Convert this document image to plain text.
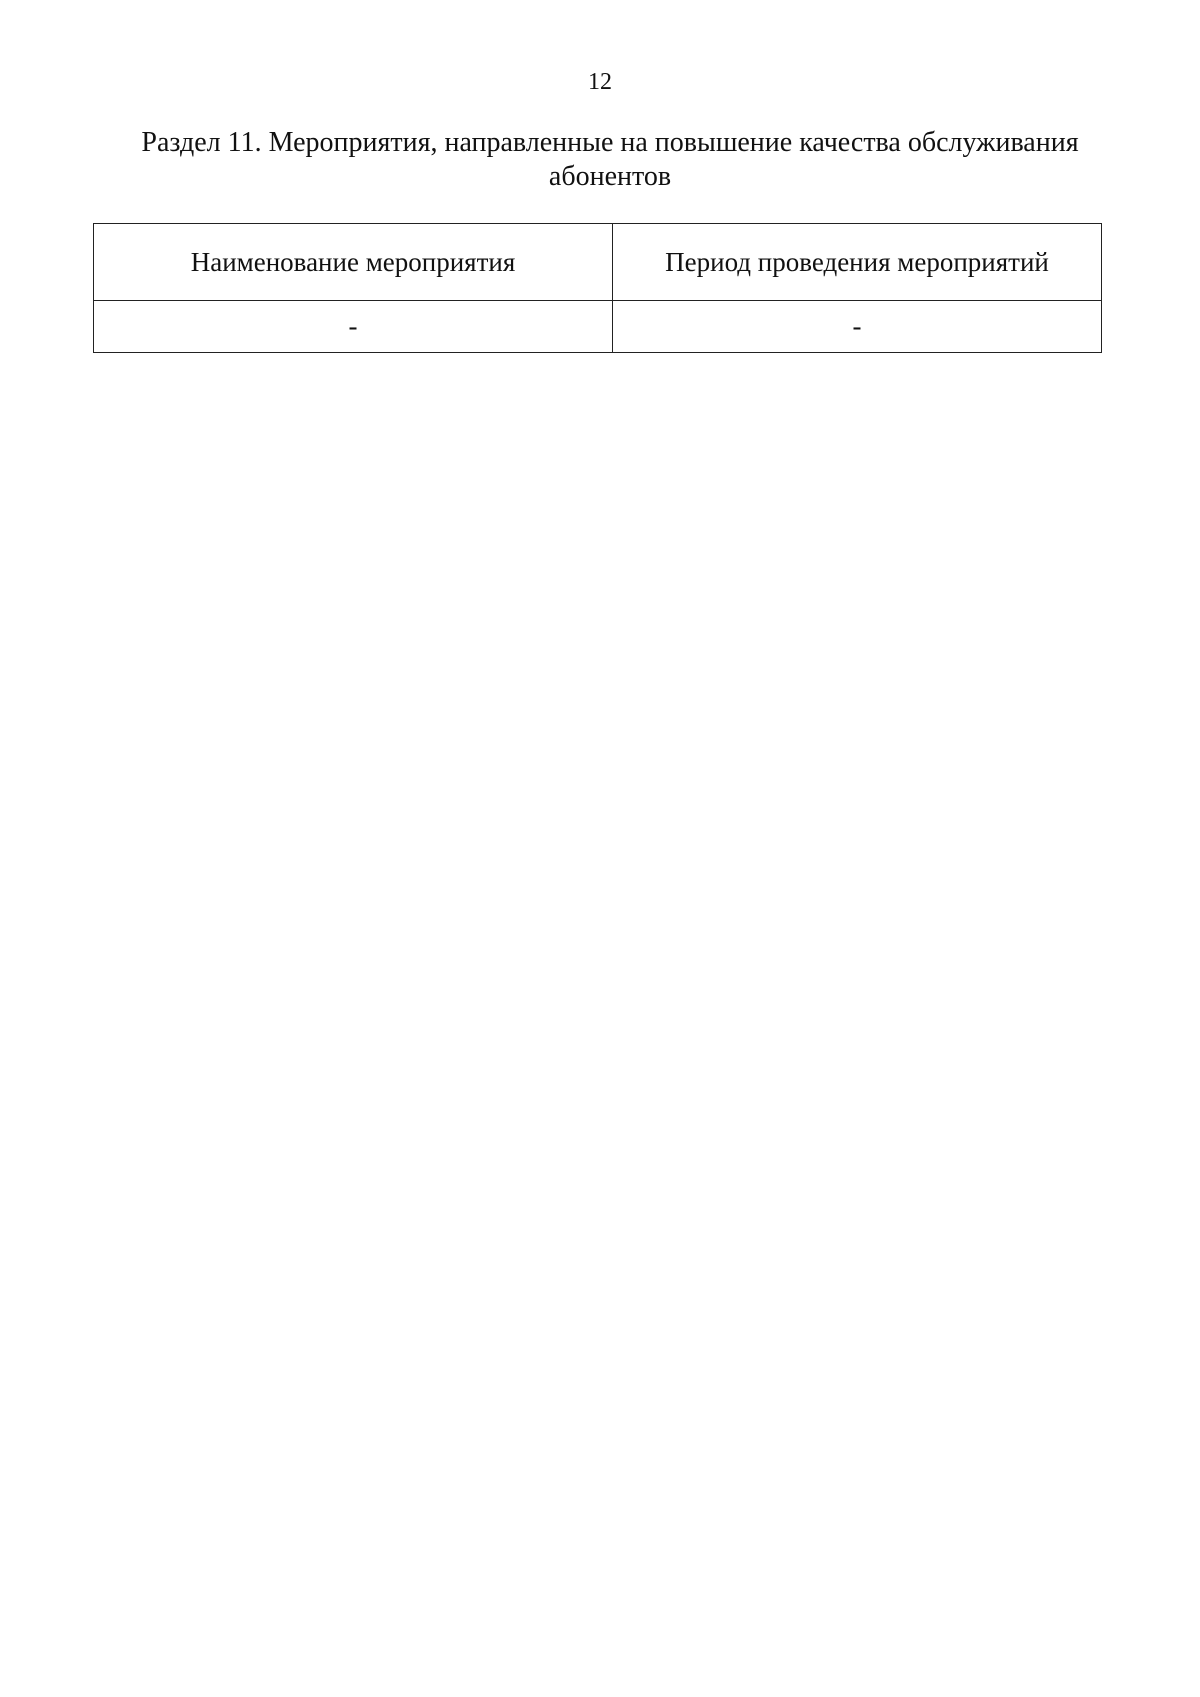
12
Раздел 11. Мероприятия, направленные на повышение качества обслуживания
абонентов
Наименование мероприятия	Период проведения мероприятий
-	-
